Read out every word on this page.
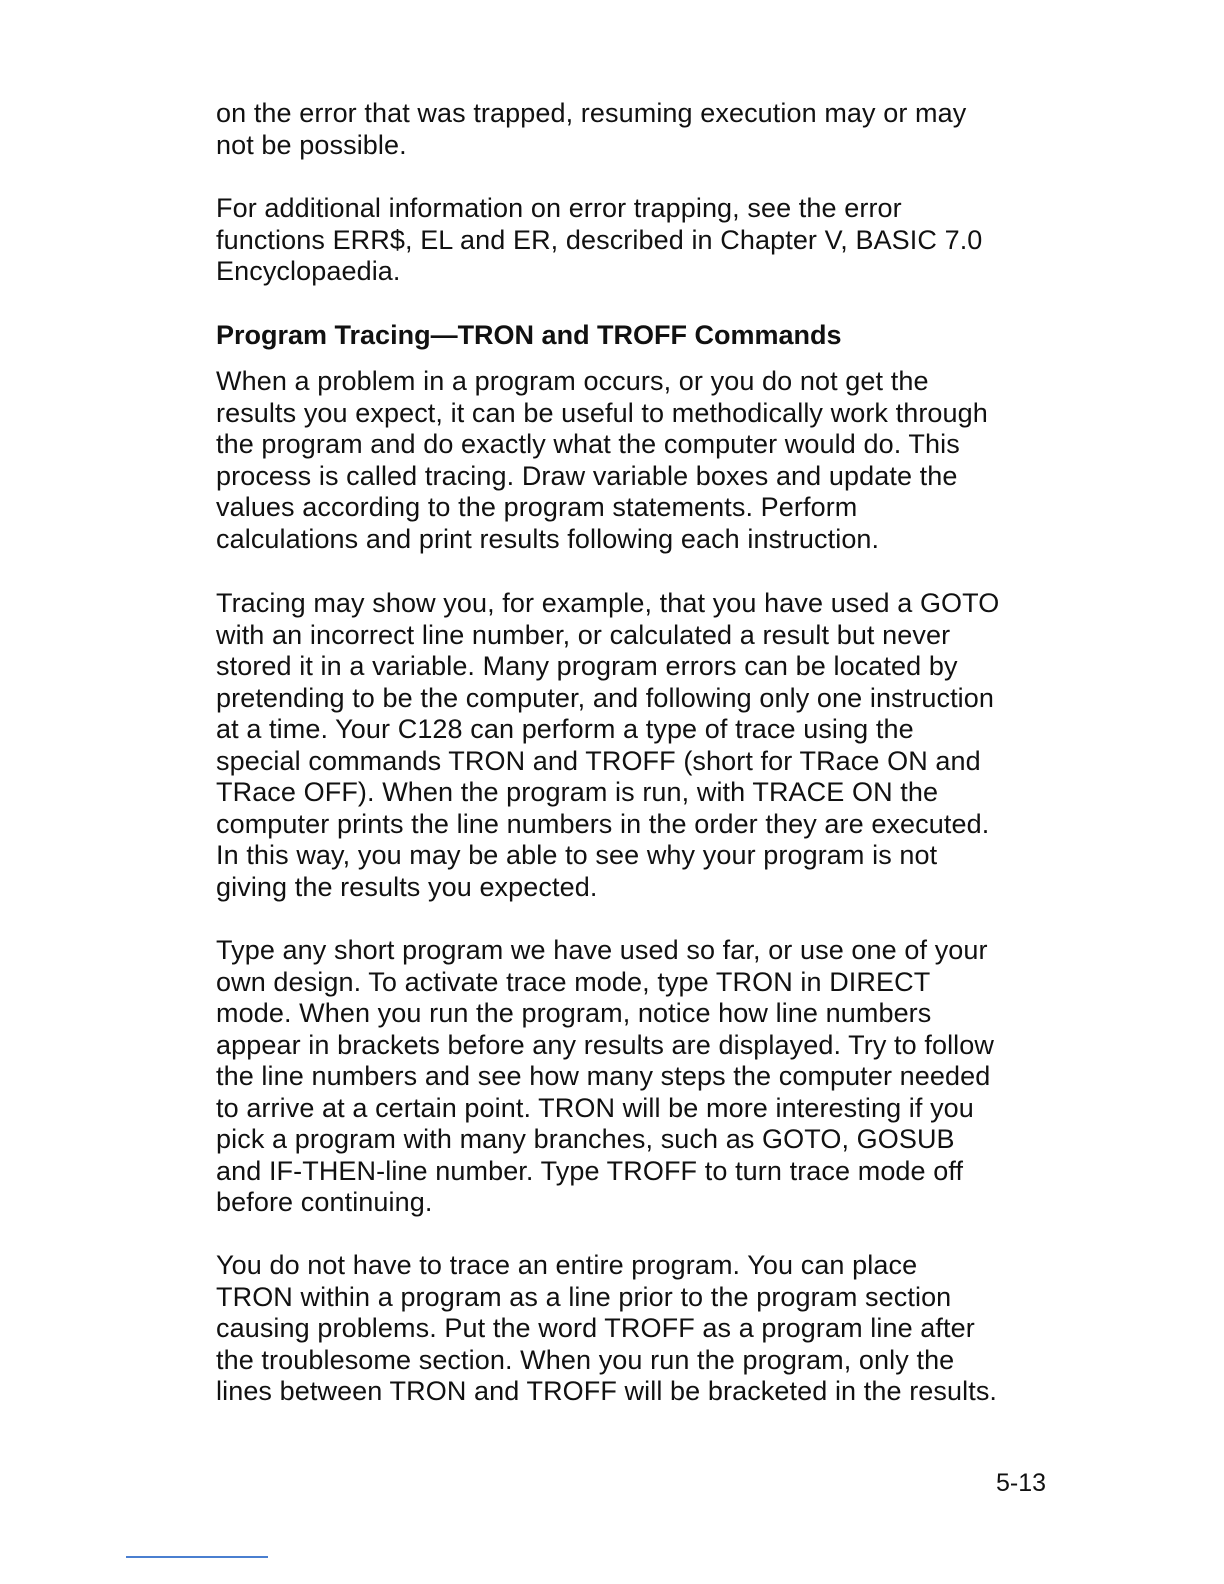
on the error that was trapped, resuming execution may or may
not be possible.
For additional information on error trapping, see the error
functions ERR$, EL and ER, described in Chapter V, BASIC 7.0
Encyclopaedia.
Program Tracing—TRON and TROFF Commands
When a problem in a program occurs, or you do not get the
results you expect, it can be useful to methodically work through
the program and do exactly what the computer would do. This
process is called tracing. Draw variable boxes and update the
values according to the program statements. Perform
calculations and print results following each instruction.
Tracing may show you, for example, that you have used a GOTO
with an incorrect line number, or calculated a result but never
stored it in a variable. Many program errors can be located by
pretending to be the computer, and following only one instruction
at a time. Your C128 can perform a type of trace using the
special commands TRON and TROFF (short for TRace ON and
TRace OFF). When the program is run, with TRACE ON the
computer prints the line numbers in the order they are executed.
In this way, you may be able to see why your program is not
giving the results you expected.
Type any short program we have used so far, or use one of your
own design. To activate trace mode, type TRON in DIRECT
mode. When you run the program, notice how line numbers
appear in brackets before any results are displayed. Try to follow
the line numbers and see how many steps the computer needed
to arrive at a certain point. TRON will be more interesting if you
pick a program with many branches, such as GOTO, GOSUB
and IF-THEN-line number. Type TROFF to turn trace mode off
before continuing.
You do not have to trace an entire program. You can place
TRON within a program as a line prior to the program section
causing problems. Put the word TROFF as a program line after
the troublesome section. When you run the program, only the
lines between TRON and TROFF will be bracketed in the results.
5-13
